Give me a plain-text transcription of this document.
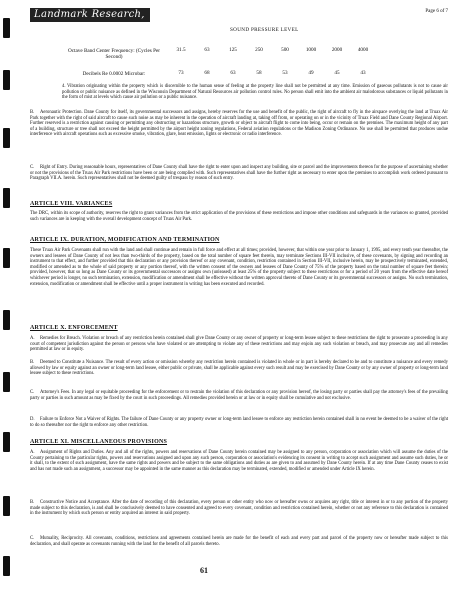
Landmark Research, Inc.
Page 6 of 7
SOUND PRESSURE LEVEL
Octave Band Center Frequency: (Cycles Per Second)
31.5	63	125	250	500	1000	2000	4000
Decibels Re 0.0002 Microbar:	73	68	63	58	53	49	45	43
4. Vibration originating within the property which is discernible to the human sense of feeling at the property line shall not be permitted at any time. Emission of gaseous pollutants is not to cause air pollution or public nuisance as defined in the Wisconsin Department of Natural Resources air pollution control rules. No person shall emit into the ambient air malodorous substances or liquid pollutants in the form of mist at levels which cause air pollution or a public nuisance.
B. Aeronautic Protection. Dane County for itself, its governmental successors and assigns, hereby reserves for the use and benefit of the public, the right of aircraft to fly in the airspace overlying the land at Truax Air Park together with the right of said aircraft to cause such noise as may be inherent in the operation of aircraft landing at, taking off from, or operating on or in the vicinity of Truax Field and Dane County Regional Airport. Further reserved is a restriction against causing or permitting any obstructing or hazardous structure, growth or object to aircraft flight to come into being, occur or remain on the premises. The maximum height of any part of a building, structure or tree shall not exceed the height permitted by the airport height zoning regulations, Federal aviation regulations or the Madison Zoning Ordinance. No use shall be permitted that produces undue interference with aircraft operations such as excessive smoke, vibration, glare, heat emission, lights or electronic or radio interference.
C. Right of Entry. During reasonable hours, representatives of Dane County shall have the right to enter upon and inspect any building, site or parcel and the improvements thereon for the purpose of ascertaining whether or not the provisions of the Truax Air Park restrictions have been or are being complied with. Such representatives shall have the further right as necessary to enter upon the premises to accomplish work ordered pursuant to Paragraph VII.A. herein. Such representatives shall not be deemed guilty of trespass by reason of such entry.
ARTICLE VIII. VARIANCES
The DRC, within its scope of authority, reserves the right to grant variances from the strict application of the provisions of these restrictions and impose other conditions and safeguards in the variances so granted, provided such variances are in keeping with the overall development concept of Truax Air Park.
ARTICLE IX. DURATION, MODIFICATION AND TERMINATION
These Truax Air Park Covenants shall run with the land and shall continue and remain in full force and effect at all times; provided, however, that within one year prior to January 1, 1995, and every tenth year thereafter, the owners and lessees of Dane County of not less than two-thirds of the property, based on the total number of square feet therein, may terminate Sections III-VII inclusive, of these covenants, by signing and recording an instrument to that effect, and further provided that this declaration or any provision thereof or any covenant, condition, restriction contained in Section III-VII, inclusive herein, may be prospectively terminated, extended, modified or amended as to the whole of said property or any portion thereof, with the written consent of the owners and lessees of Dane County of 75% of the property based on the total number of square feet therein; provided, however, that so long as Dane County or its governmental successors or assigns own (unleased) at least 25% of the property subject to these restrictions or for a period of 20 years from the effective date hereof whichever period is longer, no such termination, extension, modification or amendment shall be effective without the written approval thereto of Dane County or its governmental successors or assigns. No such termination, extension, modification or amendment shall be effective until a proper instrument in writing has been executed and recorded.
ARTICLE X. ENFORCEMENT
A. Remedies for Breach. Violation or breach of any restriction herein contained shall give Dane County or any owner of property or long-term lessee subject to these restrictions the right to prosecute a proceeding in any court of competent jurisdiction against the person or persons who have violated or are attempting to violate any of these restrictions and may enjoin any such violation or breach, and may prosecute any and all remedies permitted at law or in equity.
B. Deemed to Constitute a Nuisance. The result of every action or omission whereby any restriction herein contained is violated in whole or in part is hereby declared to be and to constitute a nuisance and every remedy allowed by law or equity against an owner or long-term land lessee, either public or private, shall be applicable against every such result and may be exercised by Dane County or by any owner of property or long-term land lessee subject to these restrictions.
C. Attorney's Fees. In any legal or equitable proceeding for the enforcement or to restrain the violation of this declaration or any provision hereof, the losing party or parties shall pay the attorney's fees of the prevailing party or parties in such amount as may be fixed by the court in such proceedings. All remedies provided herein or at law or in equity shall be cumulative and not exclusive.
D. Failure to Enforce Not a Waiver of Rights. The failure of Dane County or any property owner or long-term land lessee to enforce any restriction herein contained shall in no event be deemed to be a waiver of the right to do so thereafter nor the right to enforce any other restriction.
ARTICLE XI. MISCELLANEOUS PROVISIONS
A. Assignment of Rights and Duties. Any and all of the rights, powers and reservations of Dane County herein contained may be assigned to any person, corporation or association which will assume the duties of the County pertaining to the particular rights, powers and reservations assigned and upon any such person, corporation or association's evidencing its consent in writing to accept such assignment and assume such duties, he or it shall, to the extent of such assignment, have the same rights and powers and be subject to the same obligations and duties as are given to and assumed by Dane County herein. If at any time Dane County ceases to exist and has not made such an assignment, a successor may be appointed in the same manner as this declaration may be terminated, extended, modified or amended under Article IX herein.
B. Constructive Notice and Acceptance. After the date of recording of this declaration, every person or other entity who now or hereafter owns or acquires any right, title or interest in or to any portion of the property made subject to this declaration, is and shall be conclusively deemed to have consented and agreed to every covenant, condition and restriction contained herein, whether or not any reference to this declaration is contained in the instrument by which such person or entity acquired an interest in said property.
C. Mutuality, Reciprocity. All covenants, conditions, restrictions and agreements contained herein are made for the benefit of each and every part and parcel of the property now or hereafter made subject to this declaration, and shall operate as covenants running with the land for the benefit of all parcels thereto.
61
